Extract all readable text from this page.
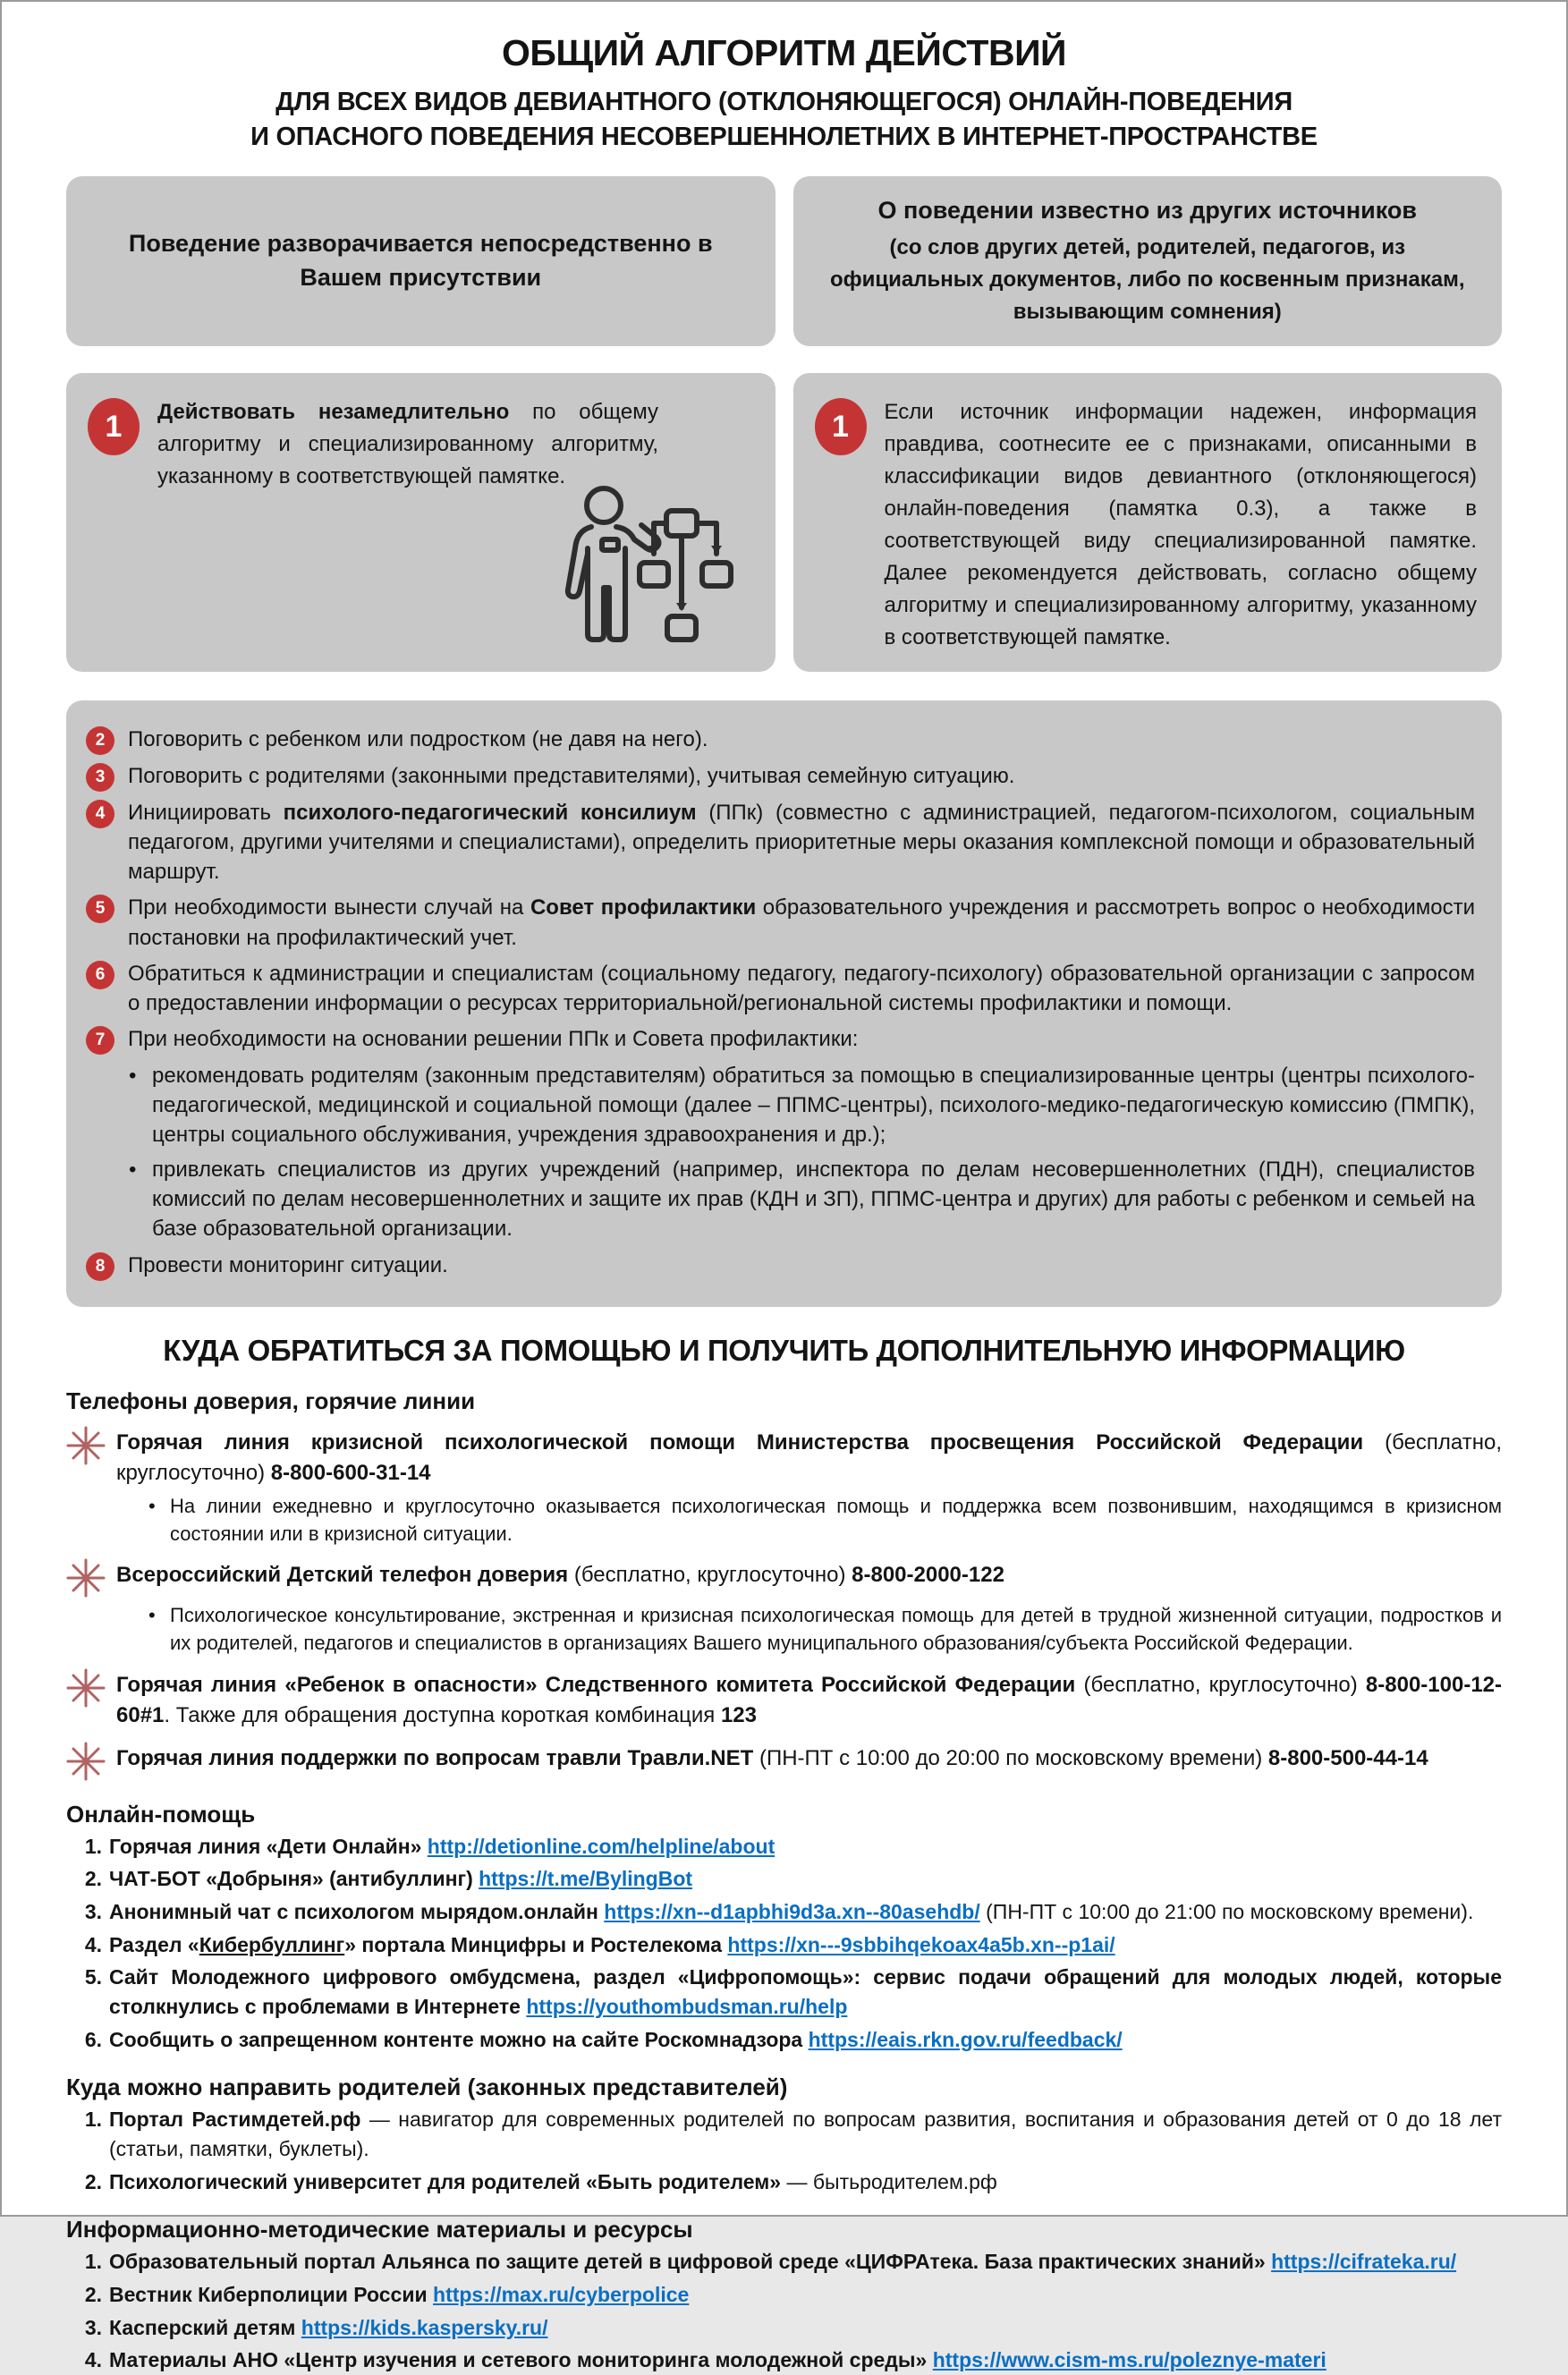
ОБЩИЙ АЛГОРИТМ ДЕЙСТВИЙ
ДЛЯ ВСЕХ ВИДОВ ДЕВИАНТНОГО (ОТКЛОНЯЮЩЕГОСЯ) ОНЛАЙН-ПОВЕДЕНИЯ
И ОПАСНОГО ПОВЕДЕНИЯ НЕСОВЕРШЕННОЛЕТНИХ В ИНТЕРНЕТ-ПРОСТРАНСТВЕ
Поведение разворачивается непосредственно в Вашем присутствии
О поведении известно из других источников
(со слов других детей, родителей, педагогов, из официальных документов, либо по косвенным признакам, вызывающим сомнения)
1	Действовать незамедлительно по общему алгоритму и специализированному алгоритму, указанному в соответствующей памятке.
1	Если источник информации надежен, информация правдива, соотнесите ее с признаками, описанными в классификации видов девиантного (отклоняющегося) онлайн-поведения (памятка 0.3), а также в соответствующей виду специализированной памятке. Далее рекомендуется действовать, согласно общему алгоритму и специализированному алгоритму, указанному в соответствующей памятке.
2	Поговорить с ребенком или подростком (не давя на него).
3	Поговорить с родителями (законными представителями), учитывая семейную ситуацию.
4	Инициировать психолого-педагогический консилиум (ППк) (совместно с администрацией, педагогом-психологом, социальным педагогом, другими учителями и специалистами), определить приоритетные меры оказания комплексной помощи и образовательный маршрут.
5	При необходимости вынести случай на Совет профилактики образовательного учреждения и рассмотреть вопрос о необходимости постановки на профилактический учет.
6	Обратиться к администрации и специалистам (социальному педагогу, педагогу-психологу) образовательной организации с запросом о предоставлении информации о ресурсах территориальной/региональной системы профилактики и помощи.
7	При необходимости на основании решении ППк и Совета профилактики:
• рекомендовать родителям (законным представителям) обратиться за помощью в специализированные центры (центры психолого-педагогической, медицинской и социальной помощи (далее – ППМС-центры), психолого-медико-педагогическую комиссию (ПМПК), центры социального обслуживания, учреждения здравоохранения и др.);
• привлекать специалистов из других учреждений (например, инспектора по делам несовершеннолетних (ПДН), специалистов комиссий по делам несовершеннолетних и защите их прав (КДН и ЗП), ППМС-центра и других) для работы с ребенком и семьей на базе образовательной организации.
8	Провести мониторинг ситуации.
КУДА ОБРАТИТЬСЯ ЗА ПОМОЩЬЮ И ПОЛУЧИТЬ ДОПОЛНИТЕЛЬНУЮ ИНФОРМАЦИЮ
Телефоны доверия, горячие линии
Горячая линия кризисной психологической помощи Министерства просвещения Российской Федерации (бесплатно, круглосуточно) 8-800-600-31-14
• На линии ежедневно и круглосуточно оказывается психологическая помощь и поддержка всем позвонившим, находящимся в кризисном состоянии или в кризисной ситуации.
Всероссийский Детский телефон доверия (бесплатно, круглосуточно) 8-800-2000-122
• Психологическое консультирование, экстренная и кризисная психологическая помощь для детей в трудной жизненной ситуации, подростков и их родителей, педагогов и специалистов в организациях Вашего муниципального образования/субъекта Российской Федерации.
Горячая линия «Ребенок в опасности» Следственного комитета Российской Федерации (бесплатно, круглосуточно) 8-800-100-12-60#1. Также для обращения доступна короткая комбинация 123
Горячая линия поддержки по вопросам травли Травли.NET (ПН-ПТ с 10:00 до 20:00 по московскому времени) 8-800-500-44-14
Онлайн-помощь
1. Горячая линия «Дети Онлайн» http://detionline.com/helpline/about
2. ЧАТ-БОТ «Добрыня» (антибуллинг) https://t.me/BylingBot
3. Анонимный чат с психологом мырядом.онлайн https://xn--d1apbhi9d3a.xn--80asehdb/ (ПН-ПТ с 10:00 до 21:00 по московскому времени).
4. Раздел «Кибербуллинг» портала Минцифры и Ростелекома https://xn---9sbbihqekoax4a5b.xn--p1ai/
5. Сайт Молодежного цифрового омбудсмена, раздел «Цифропомощь»: сервис подачи обращений для молодых людей, которые столкнулись с проблемами в Интернете https://youthombudsman.ru/help
6. Сообщить о запрещенном контенте можно на сайте Роскомнадзора https://eais.rkn.gov.ru/feedback/
Куда можно направить родителей (законных представителей)
1. Портал Растимдетей.рф — навигатор для современных родителей по вопросам развития, воспитания и образования детей от 0 до 18 лет (статьи, памятки, буклеты).
2. Психологический университет для родителей «Быть родителем» — бытьродителем.рф
Информационно-методические материалы и ресурсы
1. Образовательный портал Альянса по защите детей в цифровой среде «ЦИФРАтека. База практических знаний» https://cifrateka.ru/
2. Вестник Киберполиции России https://max.ru/cyberpolice
3. Касперский детям https://kids.kaspersky.ru/
4. Материалы АНО «Центр изучения и сетевого мониторинга молодежной среды» https://www.cism-ms.ru/poleznye-materi
